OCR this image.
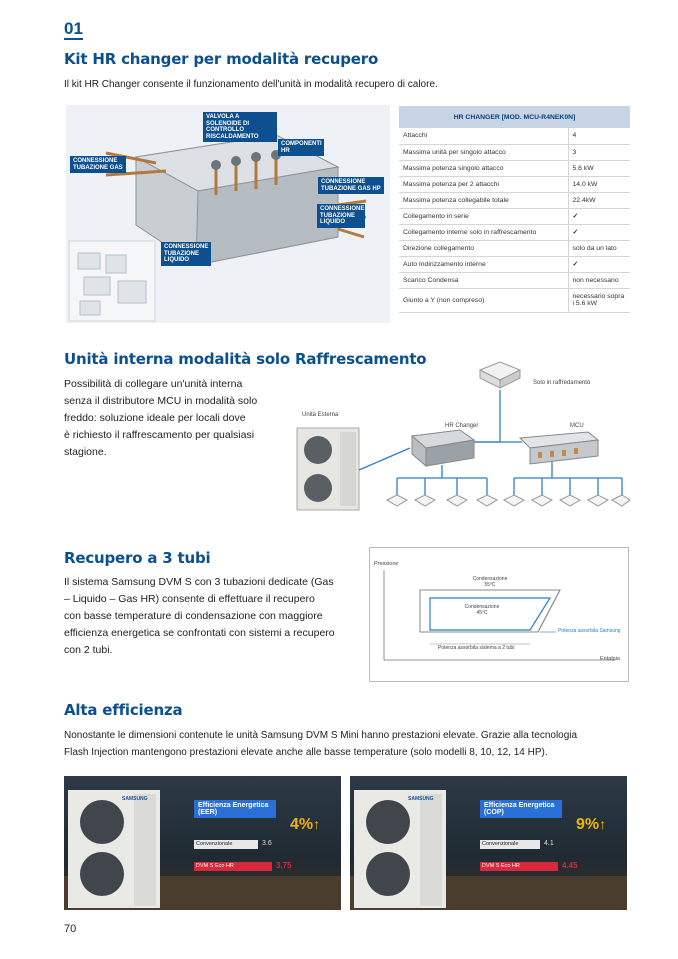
01
Kit HR changer per modalità recupero
Il kit HR Changer consente il funzionamento dell'unità in modalità recupero di calore.
VALVOLA A SOLENOIDE DI CONTROLLO RISCALDAMENTO
COMPONENTI HR
CONNESSIONE TUBAZIONE GAS
CONNESSIONE TUBAZIONE GAS HP
CONNESSIONE TUBAZIONE LIQUIDO
CONNESSIONE TUBAZIONE LIQUIDO
HR CHANGER [MOD. MCU-R4NEK0N]	
Attacchi	4
Massima unità per singolo attacco	3
Massima potenza singolo attacco	5.6 kW
Massima potenza per 2 attacchi	14.0 kW
Massima potenza collegabile totale	22.4kW
Collegamento in serie	✓
Collegamento interne solo in raffrescamento	✓
Direzione collegamento	solo da un lato
Auto Indirizzamento interne	✓
Scarico Condensa	non necessario
Giunto a Y (non compreso)	necessario sopra i 5.6 kW
Unità interna modalità solo Raffrescamento
Possibilità di collegare un'unità interna
senza il distributore MCU in modalità solo
freddo: soluzione ideale per locali dove
è richiesto il raffrescamento per qualsiasi
stagione.
Unità Esterna
HR Changer	MCU
Solo in raffredamento
Recupero a 3 tubi
Il sistema Samsung DVM S con 3 tubazioni dedicate (Gas
– Liquido – Gas HR) consente di effettuare il recupero
con basse temperature di condensazione con maggiore
efficienza energetica se confrontati con sistemi a recupero
con 2 tubi.
Pressione
Entalpia
Condensazione 55ºC
Condensazione 45ºC
Potenza assorbita Samsung
Potenza assorbita sistema a 2 tubi
Alta efficienza
Nonostante le dimensioni contenute le unità Samsung DVM S Mini hanno prestazioni elevate. Grazie alla tecnologia
Flash Injection mantengono prestazioni elevate anche alle basse temperature (solo modelli 8, 10, 12, 14 HP).
SAMSUNG
Efficienza Energetica (EER)
4%↑
Convenzionale	3.6
DVM S Eco HR	3.75
SAMSUNG
Efficienza Energetica (COP)
9%↑
Convenzionale	4.1
DVM S Eco HR	4.45
70
